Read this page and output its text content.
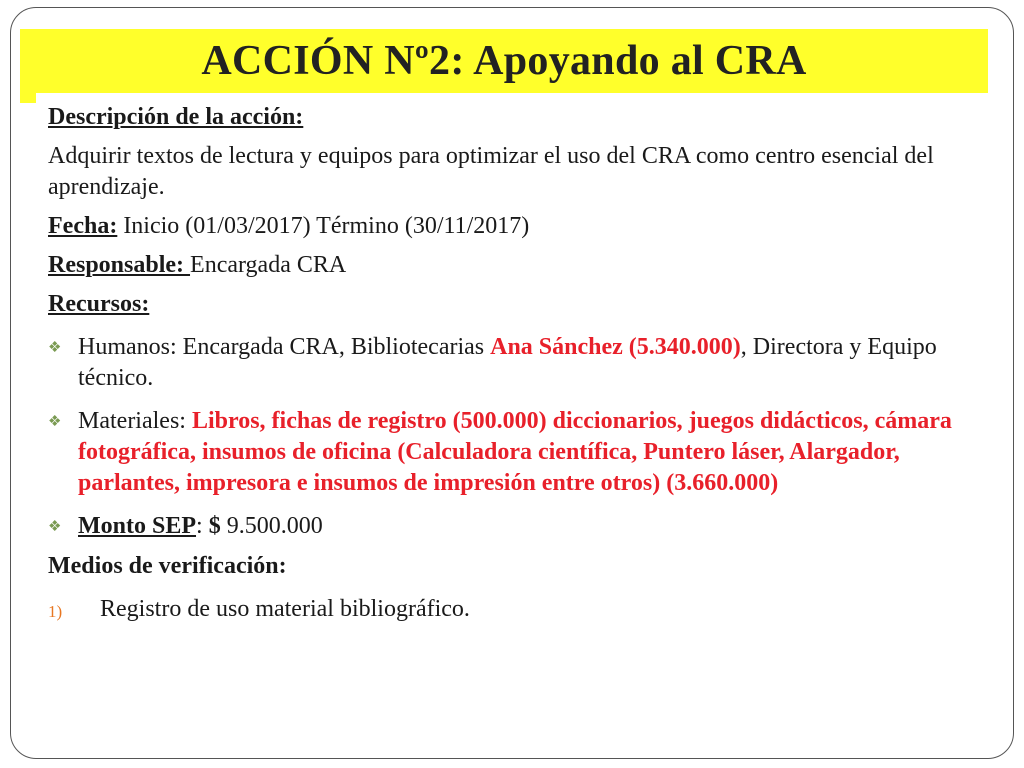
ACCIÓN Nº2: Apoyando al CRA

Descripción de la acción:

Adquirir textos de lectura y equipos para optimizar el uso del CRA como centro esencial del aprendizaje.

Fecha: Inicio (01/03/2017) Término (30/11/2017)

Responsable: Encargada CRA

Recursos:

❖ Humanos: Encargada CRA, Bibliotecarias Ana Sánchez (5.340.000), Directora y Equipo técnico.
❖ Materiales: Libros, fichas de registro (500.000) diccionarios, juegos didácticos, cámara fotográfica, insumos de oficina (Calculadora científica, Puntero láser, Alargador, parlantes, impresora e insumos de impresión entre otros) (3.660.000)
❖ Monto SEP: $ 9.500.000

Medios de verificación:

1)	Registro de uso material bibliográfico.
